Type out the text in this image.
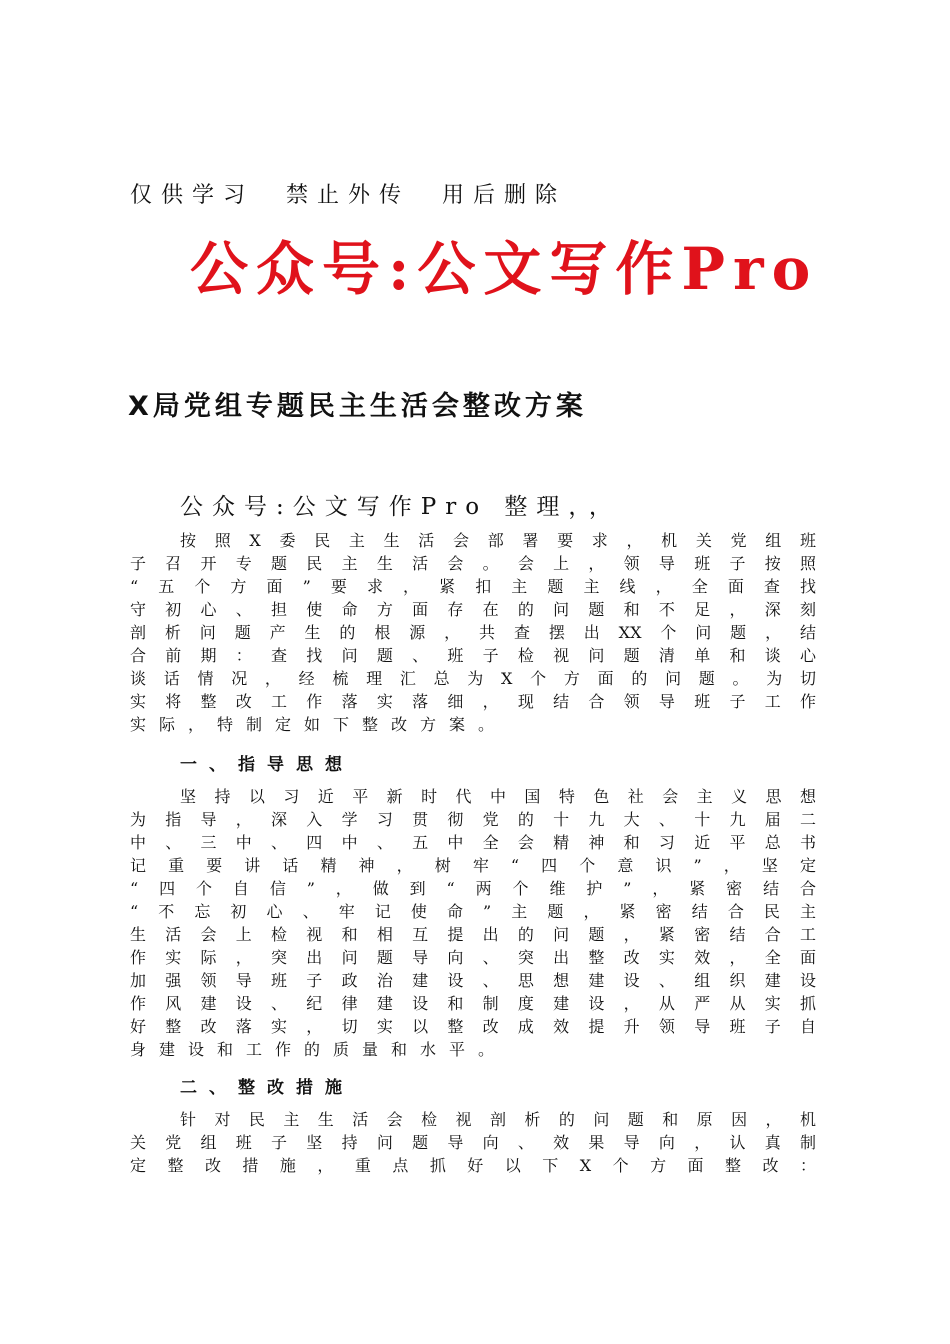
仅供学习  禁止外传  用后删除
公众号:公文写作Pro
X局党组专题民主生活会整改方案
公众号:公文写作Pro 整理，，
按照X委民主生活会部署要求，机关党组班
子召开专题民主生活会。会上，领导班子按照
“五个方面”要求，紧扣主题主线，全面查找
守初心、担使命方面存在的问题和不足，深刻
剖析问题产生的根源，共查摆出XX个问题，结
合前期：查找问题、班子检视问题清单和谈心
谈话情况，经梳理汇总为X个方面的问题。为切
实将整改工作落实落细，现结合领导班子工作
实际，特制定如下整改方案。
一、指导思想
坚持以习近平新时代中国特色社会主义思想
为指导，深入学习贯彻党的十九大、十九届二
中、三中、四中、五中全会精神和习近平总书
记重要讲话精神，树牢“四个意识”，坚定
“四个自信”，做到“两个维护”，紧密结合
“不忘初心、牢记使命”主题，紧密结合民主
生活会上检视和相互提出的问题，紧密结合工
作实际，突出问题导向、突出整改实效，全面
加强领导班子政治建设、思想建设、组织建设
作风建设、纪律建设和制度建设，从严从实抓
好整改落实，切实以整改成效提升领导班子自
身建设和工作的质量和水平。
二、整改措施
针对民主生活会检视剖析的问题和原因，机
关党组班子坚持问题导向、效果导向，认真制
定整改措施，重点抓好以下X个方面整改：
